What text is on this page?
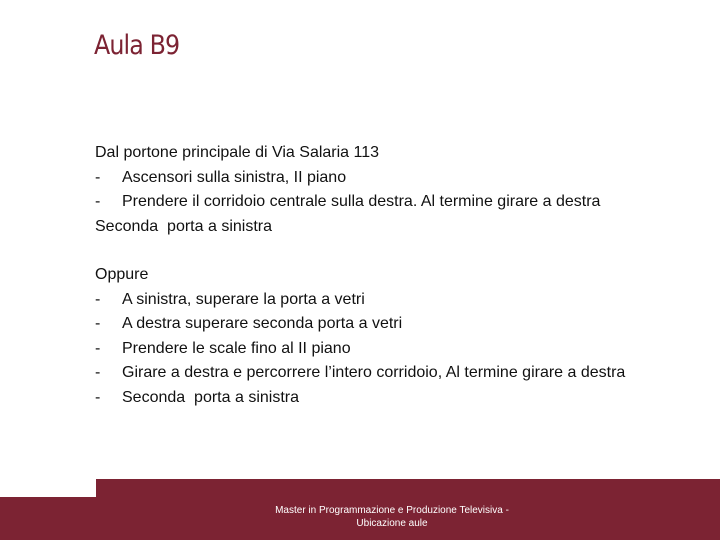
Aula B9
Dal portone principale di Via Salaria 113
- Ascensori sulla sinistra, II piano
- Prendere il corridoio centrale sulla destra. Al termine girare a destra
Seconda  porta a sinistra
Oppure
- A sinistra, superare la porta a vetri
- A destra superare seconda porta a vetri
- Prendere le scale fino al II piano
- Girare a destra e percorrere l’intero corridoio, Al termine girare a destra
- Seconda  porta a sinistra
Master in Programmazione e Produzione Televisiva -
Ubicazione aule
